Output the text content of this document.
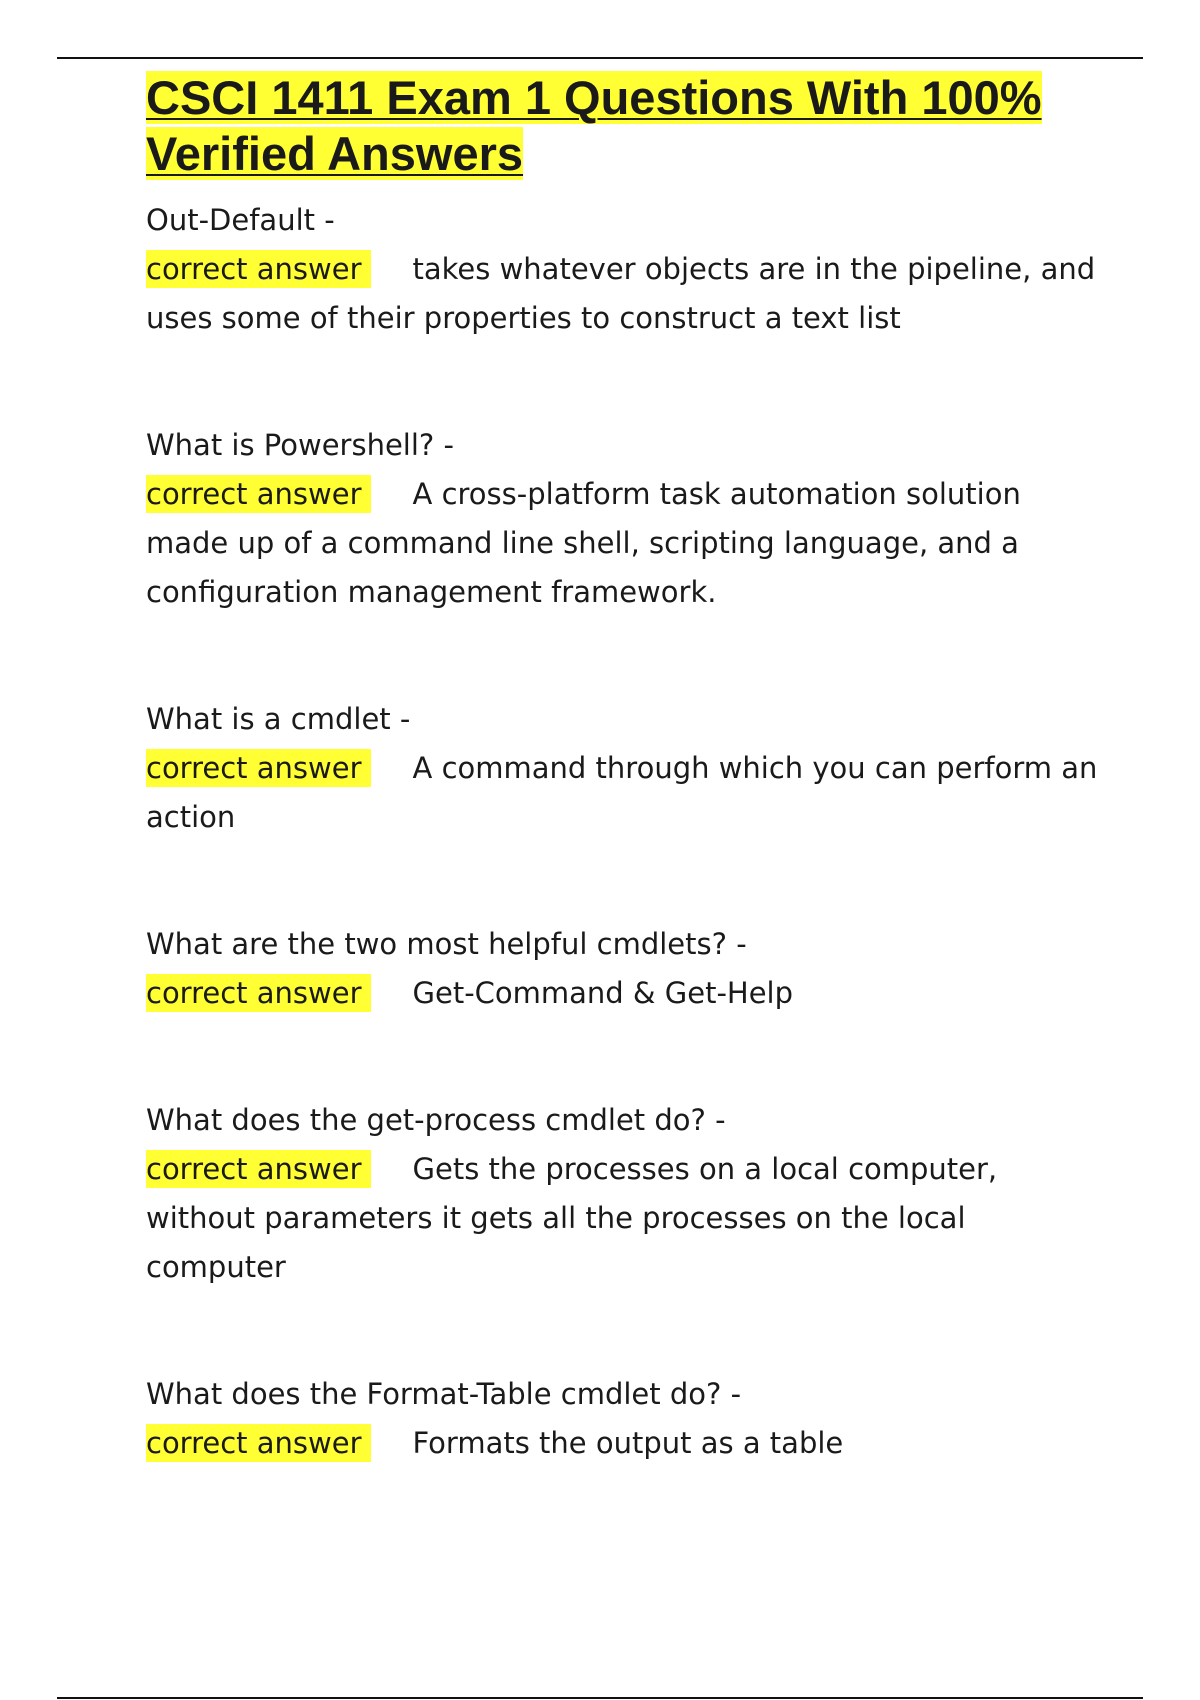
CSCI 1411 Exam 1 Questions With 100% Verified Answers
Out-Default -
correct answer takes whatever objects are in the pipeline, and uses some of their properties to construct a text list
What is Powershell? -
correct answer A cross-platform task automation solution made up of a command line shell, scripting language, and a configuration management framework.
What is a cmdlet -
correct answer A command through which you can perform an action
What are the two most helpful cmdlets? -
correct answer Get-Command & Get-Help
What does the get-process cmdlet do? -
correct answer Gets the processes on a local computer, without parameters it gets all the processes on the local computer
What does the Format-Table cmdlet do? -
correct answer Formats the output as a table
